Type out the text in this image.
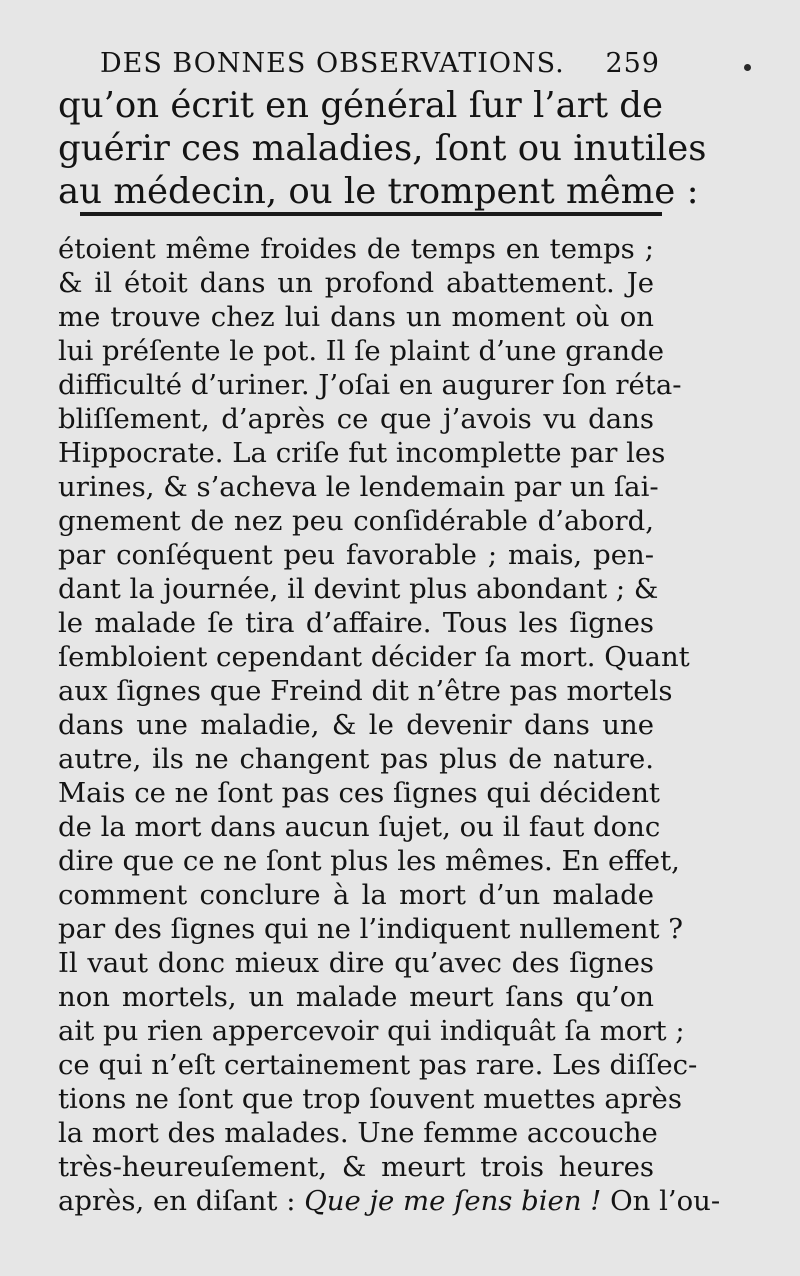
DES BONNES OBSERVATIONS. 259
qu’on écrit en général ſur l’art de
guérir ces maladies, ſont ou inutiles
au médecin, ou le trompent même :
étoient même froides de temps en temps ;
& il étoit dans un profond abattement. Je
me trouve chez lui dans un moment où on
lui préſente le pot. Il ſe plaint d’une grande
difficulté d’uriner. J’oſai en augurer ſon réta-
bliſſement, d’après ce que j’avois vu dans
Hippocrate. La criſe fut incomplette par les
urines, & s’acheva le lendemain par un ſai-
gnement de nez peu conſidérable d’abord,
par conſéquent peu favorable ; mais, pen-
dant la journée, il devint plus abondant ; &
le malade ſe tira d’affaire. Tous les ſignes
ſembloient cependant décider ſa mort. Quant
aux ſignes que Freind dit n’être pas mortels
dans une maladie, & le devenir dans une
autre, ils ne changent pas plus de nature.
Mais ce ne ſont pas ces ſignes qui décident
de la mort dans aucun ſujet, ou il faut donc
dire que ce ne ſont plus les mêmes. En effet,
comment conclure à la mort d’un malade
par des ſignes qui ne l’indiquent nullement ?
Il vaut donc mieux dire qu’avec des ſignes
non mortels, un malade meurt ſans qu’on
ait pu rien appercevoir qui indiquât ſa mort ;
ce qui n’eſt certainement pas rare. Les diſſec-
tions ne ſont que trop ſouvent muettes après
la mort des malades. Une femme accouche
très-heureuſement, & meurt trois heures
après, en diſant : Que je me ſens bien ! On l’ou-
